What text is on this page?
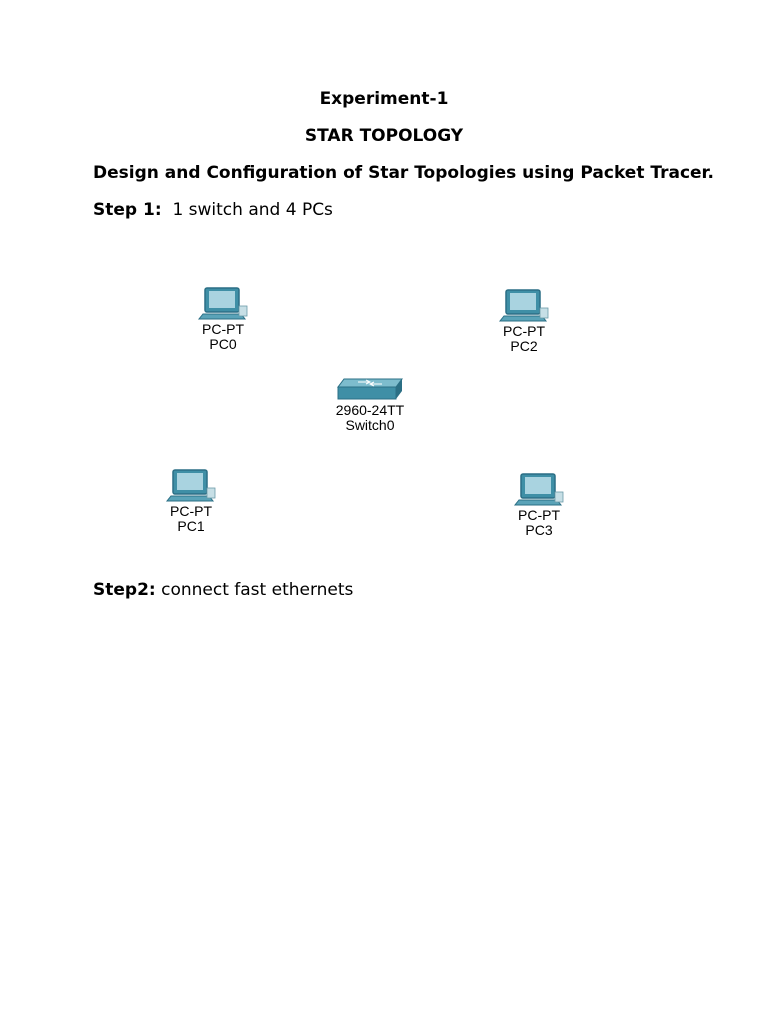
Experiment-1
STAR TOPOLOGY
Design and Configuration of Star Topologies using Packet Tracer.
Step 1: 1 switch and 4 PCs
PC-PT
PC0
PC-PT
PC2
2960-24TT
Switch0
PC-PT
PC1
PC-PT
PC3
Step2: connect fast ethernets
